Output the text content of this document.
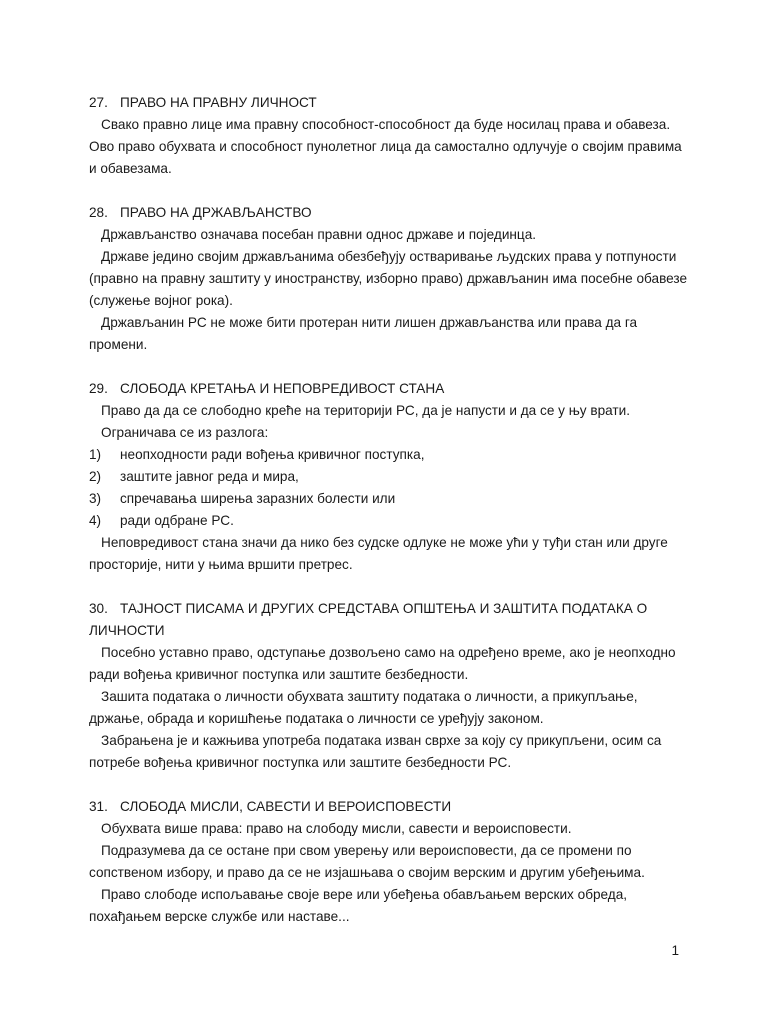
27. ПРАВО НА ПРАВНУ ЛИЧНОСТ

Свако правно лице има правну способност-способност да буде носилац права и обавеза. Ово право обухвата и способност пунолетног лица да самостално одлучује о својим правима и обавезама.

28. ПРАВО НА ДРЖАВЉАНСТВО

Држављанство означава посебан правни однос државе и појединца.

Државе једино својим држављанима обезбеђују остваривање људских права у потпуности (правно на правну заштиту у иностранству, изборно право) држављанин има посебне обавезе (служење војног рока).

Држављанин РС не може бити протеран нити лишен држављанства или права да га промени.

29. СЛОБОДА КРЕТАЊА И НЕПОВРЕДИВОСТ СТАНА

Право да да се слободно креће на територији РС, да је напусти и да се у њу врати.

Ограничава се из разлога:

1) неопходности ради вођења кривичног поступка,
2) заштите јавног реда и мира,
3) спречавања ширења заразних болести или
4) ради одбране РС.

Неповредивост стана значи да нико без судске одлуке не може ући у туђи стан или друге просторије, нити у њима вршити претрес.

30. ТАЈНОСТ ПИСАМА И ДРУГИХ СРЕДСТАВА ОПШТЕЊА И ЗАШТИТА ПОДАТАКА О ЛИЧНОСТИ

Посебно уставно право, одступање дозвољено само на одређено време, ако је неопходно ради вођења кривичног поступка или заштите безбедности.

Зашита података о личности обухвата заштиту података о личности, а прикупљање, држање, обрада и коришћење података о личности се уређују законом.

Забрањена је и кажњива употреба података изван сврхе за коју су прикупљени, осим са потребе вођења кривичног поступка или заштите безбедности РС.

31. СЛОБОДА МИСЛИ, САВЕСТИ И ВЕРОИСПОВЕСТИ

Обухвата више права: право на слободу мисли, савести и вероисповести.

Подразумева да се остане при свом уверењу или вероисповести, да се промени по сопственом избору, и право да се не изјашњава о својим верским и другим убеђењима.

Право слободе испољавање своје вере или убеђења обављањем верских обреда, похађањем верске службе или наставе...

1
